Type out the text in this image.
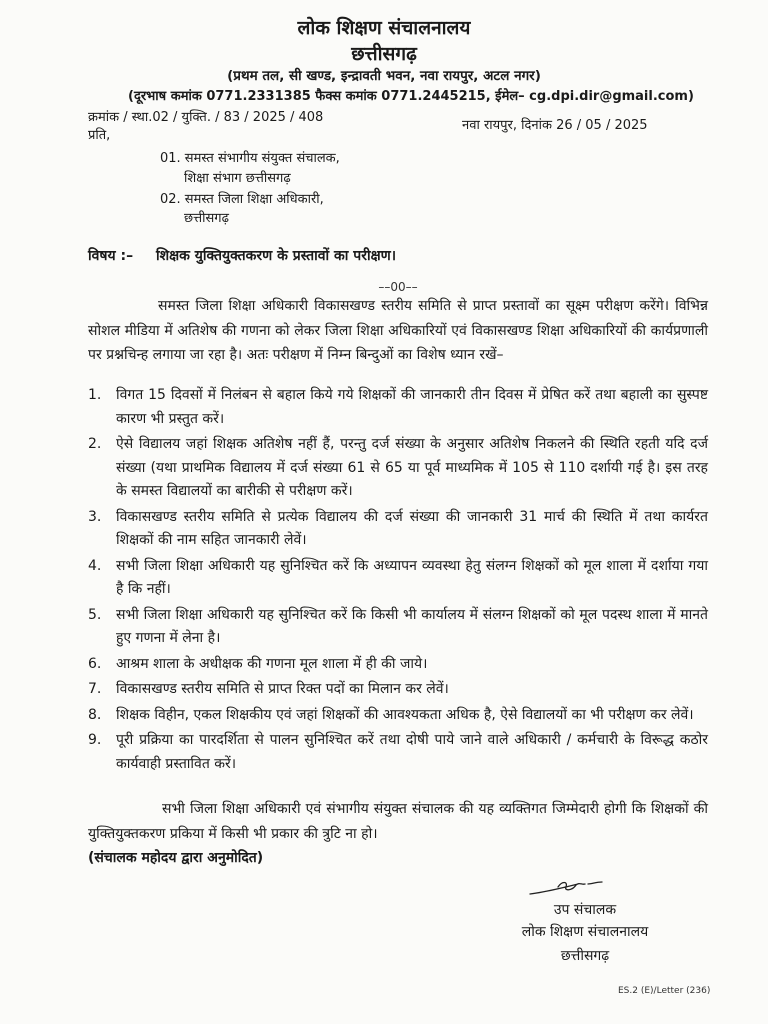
लोक शिक्षण संचालनालय
छत्तीसगढ़
(प्रथम तल, सी खण्ड, इन्द्रावती भवन, नवा रायपुर, अटल नगर)
(दूरभाष कमांक 0771.2331385 फैक्स कमांक 0771.2445215, ईमेल– cg.dpi.dir@gmail.com)
क्रमांक / स्था.02 / युक्ति. / 83 / 2025 / 408
नवा रायपुर, दिनांक 26 / 05 / 2025
प्रति,
01. समस्त संभागीय संयुक्त संचालक,
शिक्षा संभाग छत्तीसगढ़
02. समस्त जिला शिक्षा अधिकारी,
छत्तीसगढ़
विषय :– शिक्षक युक्तियुक्तकरण के प्रस्तावों का परीक्षण।
––00––
समस्त जिला शिक्षा अधिकारी विकासखण्ड स्तरीय समिति से प्राप्त प्रस्तावों का सूक्ष्म परीक्षण करेंगे। विभिन्न सोशल मीडिया में अतिशेष की गणना को लेकर जिला शिक्षा अधिकारियों एवं विकासखण्ड शिक्षा अधिकारियों की कार्यप्रणाली पर प्रश्नचिन्ह लगाया जा रहा है। अतः परीक्षण में निम्न बिन्दुओं का विशेष ध्यान रखें–
1. विगत 15 दिवसों में निलंबन से बहाल किये गये शिक्षकों की जानकारी तीन दिवस में प्रेषित करें तथा बहाली का सुस्पष्ट कारण भी प्रस्तुत करें।
2. ऐसे विद्यालय जहां शिक्षक अतिशेष नहीं हैं, परन्तु दर्ज संख्या के अनुसार अतिशेष निकलने की स्थिति रहती यदि दर्ज संख्या (यथा प्राथमिक विद्यालय में दर्ज संख्या 61 से 65 या पूर्व माध्यमिक में 105 से 110 दर्शायी गई है। इस तरह के समस्त विद्यालयों का बारीकी से परीक्षण करें।
3. विकासखण्ड स्तरीय समिति से प्रत्येक विद्यालय की दर्ज संख्या की जानकारी 31 मार्च की स्थिति में तथा कार्यरत शिक्षकों की नाम सहित जानकारी लेवें।
4. सभी जिला शिक्षा अधिकारी यह सुनिश्चित करें कि अध्यापन व्यवस्था हेतु संलग्न शिक्षकों को मूल शाला में दर्शाया गया है कि नहीं।
5. सभी जिला शिक्षा अधिकारी यह सुनिश्चित करें कि किसी भी कार्यालय में संलग्न शिक्षकों को मूल पदस्थ शाला में मानते हुए गणना में लेना है।
6. आश्रम शाला के अधीक्षक की गणना मूल शाला में ही की जाये।
7. विकासखण्ड स्तरीय समिति से प्राप्त रिक्त पदों का मिलान कर लेवें।
8. शिक्षक विहीन, एकल शिक्षकीय एवं जहां शिक्षकों की आवश्यकता अधिक है, ऐसे विद्यालयों का भी परीक्षण कर लेवें।
9. पूरी प्रक्रिया का पारदर्शिता से पालन सुनिश्चित करें तथा दोषी पाये जाने वाले अधिकारी / कर्मचारी के विरूद्ध कठोर कार्यवाही प्रस्तावित करें।
सभी जिला शिक्षा अधिकारी एवं संभागीय संयुक्त संचालक की यह व्यक्तिगत जिम्मेदारी होगी कि शिक्षकों की युक्तियुक्तकरण प्रकिया में किसी भी प्रकार की त्रुटि ना हो।
(संचालक महोदय द्वारा अनुमोदित)
उप संचालक
लोक शिक्षण संचालनालय
छत्तीसगढ़
ES.2 (E)/Letter (236)
